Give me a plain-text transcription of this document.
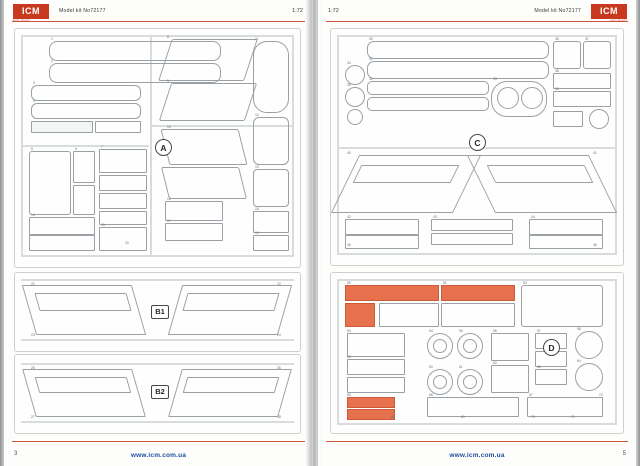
ICM
HOLDING
Model kit No72177	1:72
3	www.icm.com.ua
1
2
3
4
5	6	7
8
9
10
11
12
13
14
15
16
17
18
19
20
A
21	22
23	24
B1
25	26
27	28
B2
ICM
HOLDING
Model kit No72177
1:72
5
www.icm.com.ua
30
31
32	33
34
35
36	37
38
39
40	41
42	43	44
45	46
C
50	51	52
53	54	55	56	57	58
59
60	61
62
63
64
65	66	67
68	69	70	71
72
D
